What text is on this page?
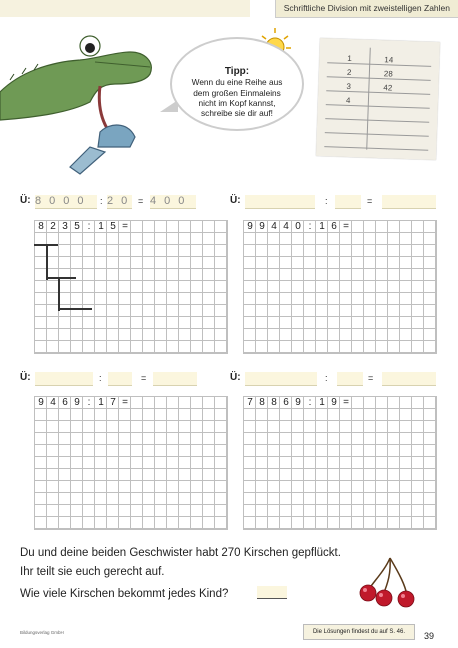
Schriftliche Division mit zweistelligen Zahlen
Tipp:
Wenn du eine Reihe aus
dem großen Einmaleins
nicht im Kopf kannst,
schreibe sie dir auf!
1	14
2	28
3	42
4
Ü: 8000 : 20 = 400
8 2 3 5 : 1 5 =
Ü:	:	=
9 9 4 4 0 : 1 6 =
Ü:	:	=
9 4 6 9 : 1 7 =
Ü:	:	=
7 8 8 6 9 : 1 9 =
Du und deine beiden Geschwister habt 270 Kirschen gepflückt.
Ihr teilt sie euch gerecht auf.
Wie viele Kirschen bekommt jedes Kind?
Bildungsverlag GmbH	Die Lösungen findest du auf S. 46.	39
